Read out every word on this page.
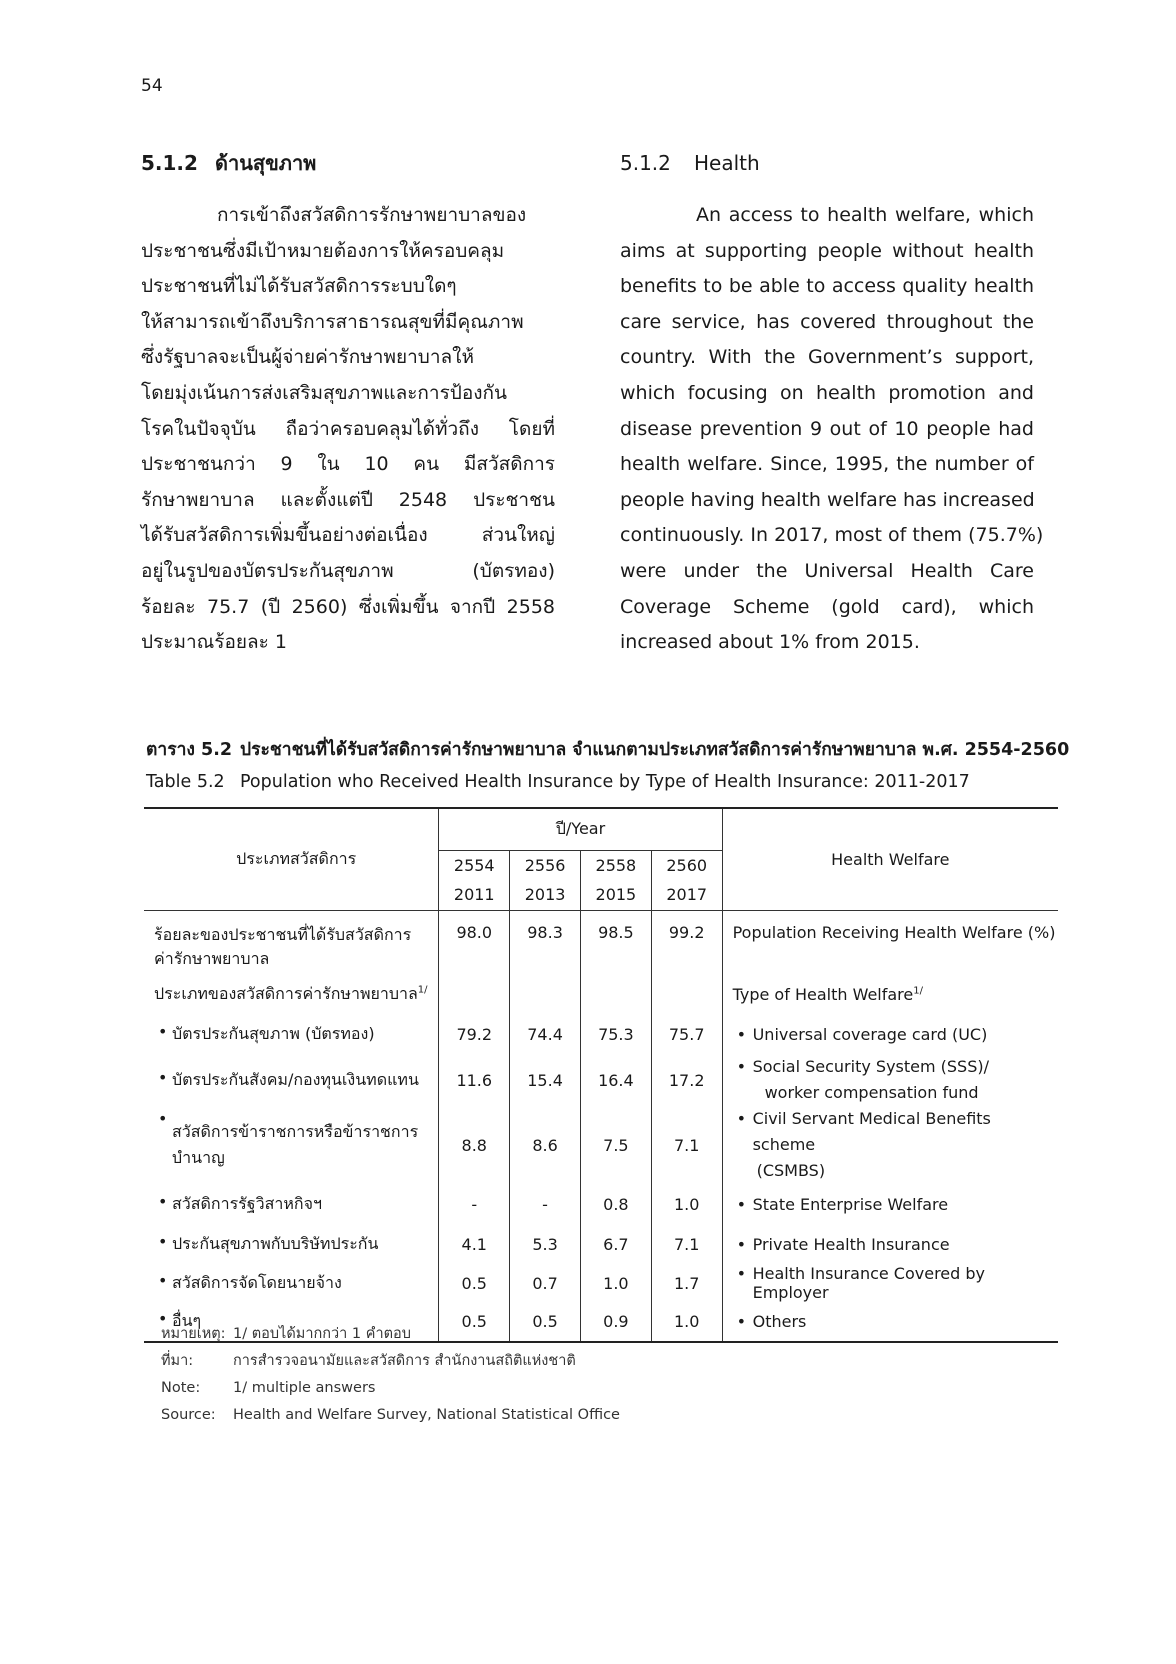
54
5.1.2 ด้านสุขภาพ
การเข้าถึงสวัสดิการรักษาพยาบาลของ
ประชาชนซึ่งมีเป้าหมายต้องการให้ครอบคลุม
ประชาชนที่ไม่ได้รับสวัสดิการระบบใดๆ
ให้สามารถเข้าถึงบริการสาธารณสุขที่มีคุณภาพ
ซึ่งรัฐบาลจะเป็นผู้จ่ายค่ารักษาพยาบาลให้
โดยมุ่งเน้นการส่งเสริมสุขภาพและการป้องกัน
โรคในปัจจุบัน ถือว่าครอบคลุมได้ทั่วถึง โดยที่
ประชาชนกว่า 9 ใน 10 คน มีสวัสดิการ
รักษาพยาบาล และตั้งแต่ปี 2548 ประชาชน
ได้รับสวัสดิการเพิ่มขึ้นอย่างต่อเนื่อง ส่วนใหญ่
อยู่ในรูปของบัตรประกันสุขภาพ (บัตรทอง)
ร้อยละ 75.7 (ปี 2560) ซึ่งเพิ่มขึ้น จากปี 2558
ประมาณร้อยละ 1
5.1.2	Health
An access to health welfare, which
aims at supporting people without health
benefits to be able to access quality health
care service, has covered throughout the
country. With the Government’s support,
which focusing on health promotion and
disease prevention 9 out of 10 people had
health welfare. Since, 1995, the number of
people having health welfare has increased
continuously. In 2017, most of them (75.7%)
were under the Universal Health Care
Coverage Scheme (gold card), which
increased about 1% from 2015.
ตาราง 5.2 ประชาชนที่ได้รับสวัสดิการค่ารักษาพยาบาล จำแนกตามประเภทสวัสดิการค่ารักษาพยาบาล พ.ศ. 2554-2560
Table 5.2 Population who Received Health Insurance by Type of Health Insurance: 2011-2017
ประเภทสวัสดิการ	ปี/Year				Health Welfare
	2554	2556	2558	2560	
	2011	2013	2015	2017	
ร้อยละของประชาชนที่ได้รับสวัสดิการ
ค่ารักษาพยาบาล	98.0	98.3	98.5	99.2	Population Receiving Health Welfare (%)
ประเภทของสวัสดิการค่ารักษาพยาบาล$^{1/}$					Type of Health Welfare$^{1/}$

• บัตรประกันสุขภาพ (บัตรทอง)	79.2	74.4	75.3	75.7	• Universal coverage card (UC)

• บัตรประกันสังคม/กองทุนเงินทดแทน	11.6	15.4	16.4	17.2	• Social Security System (SSS)/
worker compensation fund

•
สวัสดิการข้าราชการหรือข้าราชการ
บำนาญ	8.8	8.6	7.5	7.1	• Civil Servant Medical Benefits scheme
(CSMBS)

• สวัสดิการรัฐวิสาหกิจฯ	-	-	0.8	1.0	• State Enterprise Welfare

• ประกันสุขภาพกับบริษัทประกัน	4.1	5.3	6.7	7.1	• Private Health Insurance

• สวัสดิการจัดโดยนายจ้าง	0.5	0.7	1.0	1.7	• Health Insurance Covered by Employer

• อื่นๆ	0.5	0.5	0.9	1.0	• Others
หมายเหตุ: 1/ ตอบได้มากกว่า 1 คำตอบ
ที่มา:	การสำรวจอนามัยและสวัสดิการ สำนักงานสถิติแห่งชาติ
Note:	1/ multiple answers
Source:	Health and Welfare Survey, National Statistical Office
